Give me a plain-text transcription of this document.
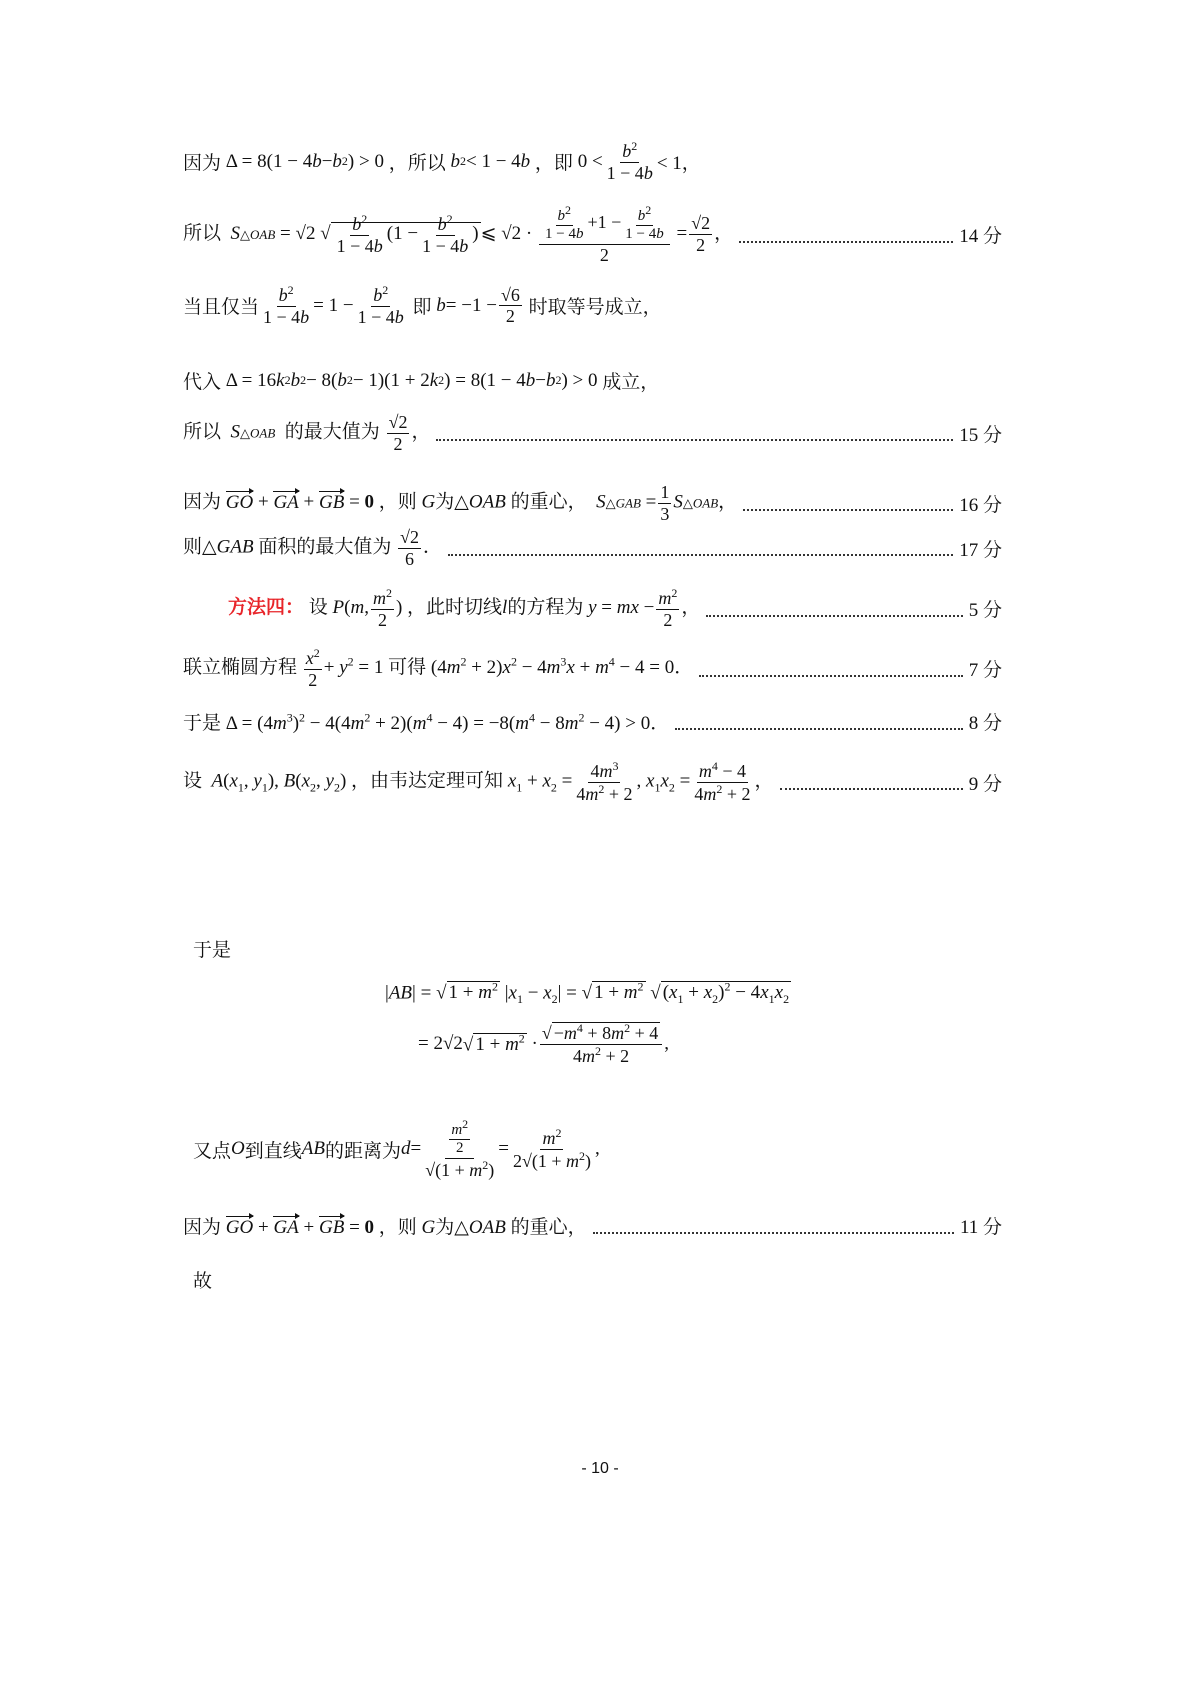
因为 Δ = 8(1 − 4 b − b 2 ) > 0 ，所以
b 2 < 1 − 4 b
，即 $0 < \frac{b^2}{1 - 4b} < 1$，
所以 S△OAB = √2 √ $\frac{b^2}{1 - 4b} (1 - \frac{b^2}{1 - 4b}$ ) ⩽ $√2 \cdot \frac{\frac{b^2}{1 - 4b} +1 - \frac{b^2}{1 - 4b}}{2} = \frac{√2}{2}$ ，	14 分
当且仅当 $\frac{b^2}{1 - 4b} = 1 - \frac{b^2}{1 - 4b}$
即
$b = -1 - \frac{√6}{2}$
时取等号成立，
代入 Δ = 16 k 2 b 2 − 8( b 2 − 1)(1 + 2 k 2 ) = 8(1 − 4 b − b 2 ) > 0 成立，
所以 S△OAB 的最大值为 $\frac{√2}{2}$ ，	15 分
因为 GO + GA + GB = 0 ，则 G为△OAB 的重心， S△GAB = $\frac{1}{3}$ S△OAB，	16 分
则△GAB 面积的最大值为 $\frac{√2}{6}$ ．	17 分
方法四： 设 P(m, $\frac{m^2}{2}$ ) ，此时切线l的方程为 y = mx − $\frac{m^2}{2}$ ，	5 分
联立椭圆方程 $\frac{x^2}{2} + y^2 = 1$ 可得 $(4m^2 + 2)x^2 - 4m^3x + m^4 - 4 = 0$．	7 分
于是 $\Delta = (4m^3)^2 - 4(4m^2 + 2)(m^4 - 4) = -8(m^4 - 8m^2 - 4) > 0$．	8 分
设 $A(x_1$, $y_1$), $B(x_2$, $y_2$) ，由韦达定理可知 $x_1 + x_2 = \frac{4m^3}{4m^2 + 2}$ , $x_1x_2 = \frac{m^4 - 4}{4m^2 + 2}$ ，	9 分
于是
|AB| = √ $1 + m^2$ $|x_1 - x_2|$ = √ $1 + m^2$ √ $(x_1 + x_2)^2 - 4x_1x_2$
= 2√2 √ $1 + m^2 \cdot \frac{√ -m^4 + 8m^2 + 4}{4m^2 + 2}$ ,
又点 O 到直线 AB 的距离为 $d = \frac{\frac{m^2}{2}}{√(1 + m^2)} = \frac{m^2}{2√(1 + m^2)}$ ,
因为 GO + GA + GB = 0 ，则 G为△OAB 的重心，	11 分
故
- 10 -
